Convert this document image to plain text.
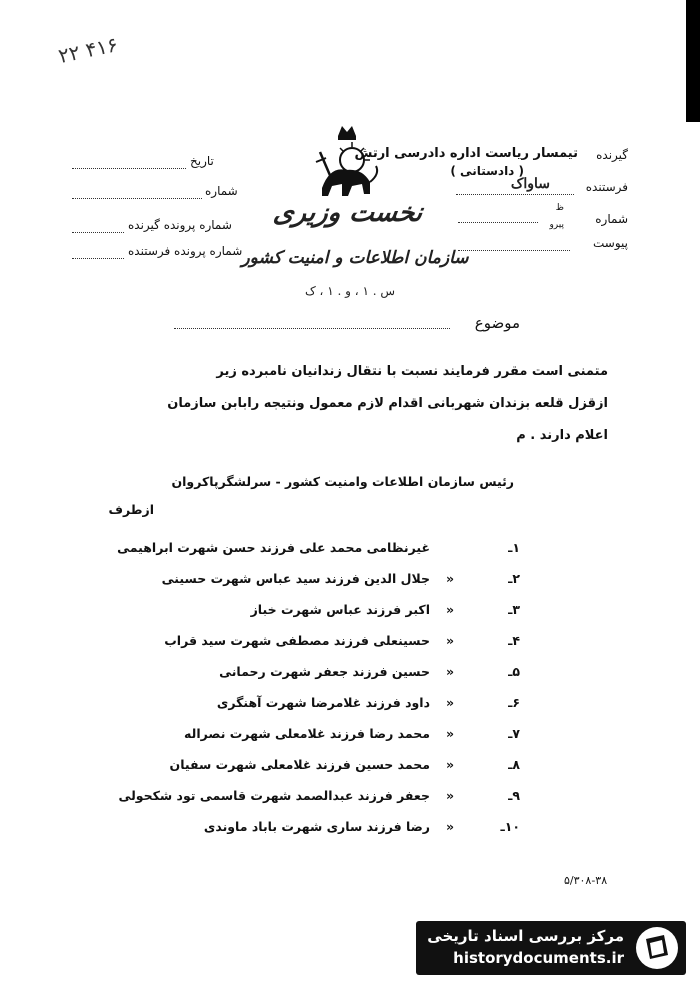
۲۲ ۴۱۶
نخست وزیری
سازمان اطلاعات و امنیت کشور
س . ۱ ، و . ۱ ، ک
گیرنده
تیمسار ریاست اداره دادرسی ارتش
( دادستانی )
فرستنده
ساواک
شماره
ظ
پیرو
پیوست
تاریخ
شماره
شماره پرونده گیرنده
شماره پرونده فرستنده
موضوع
متمنی است مقرر فرمایند نسبت با نتقال زندانیان نامبرده زیر
ازقزل قلعه بزندان شهربانی اقدام لازم معمول ونتیجه رابابن سازمان
اعلام دارند . م
رئیس سازمان اطلاعات وامنیت کشور - سرلشگرپاکروان
ازطرف
۱ـغیرنظامی محمد علی فرزند حسن شهرت ابراهیمی
۲ـ«جلال الدین فرزند سید عباس شهرت حسینی
۳ـ«اکبر فرزند عباس شهرت خباز
۴ـ«حسینعلی فرزند مصطفی شهرت سید قراب
۵ـ«حسین فرزند جعفر شهرت رحمانی
۶ـ«داود فرزند غلامرضا شهرت آهنگری
۷ـ«محمد رضا فرزند غلامعلی شهرت نصراله
۸ـ«محمد حسین فرزند غلامعلی شهرت سفیان
۹ـ«جعفر فرزند عبدالصمد شهرت قاسمی تود شکحولی
۱۰ـ«رضا فرزند ساری شهرت باباد ماوندی
۵/۳۰۸-۳۸
مرکز بررسی اسناد تاریخی
historydocuments.ir
